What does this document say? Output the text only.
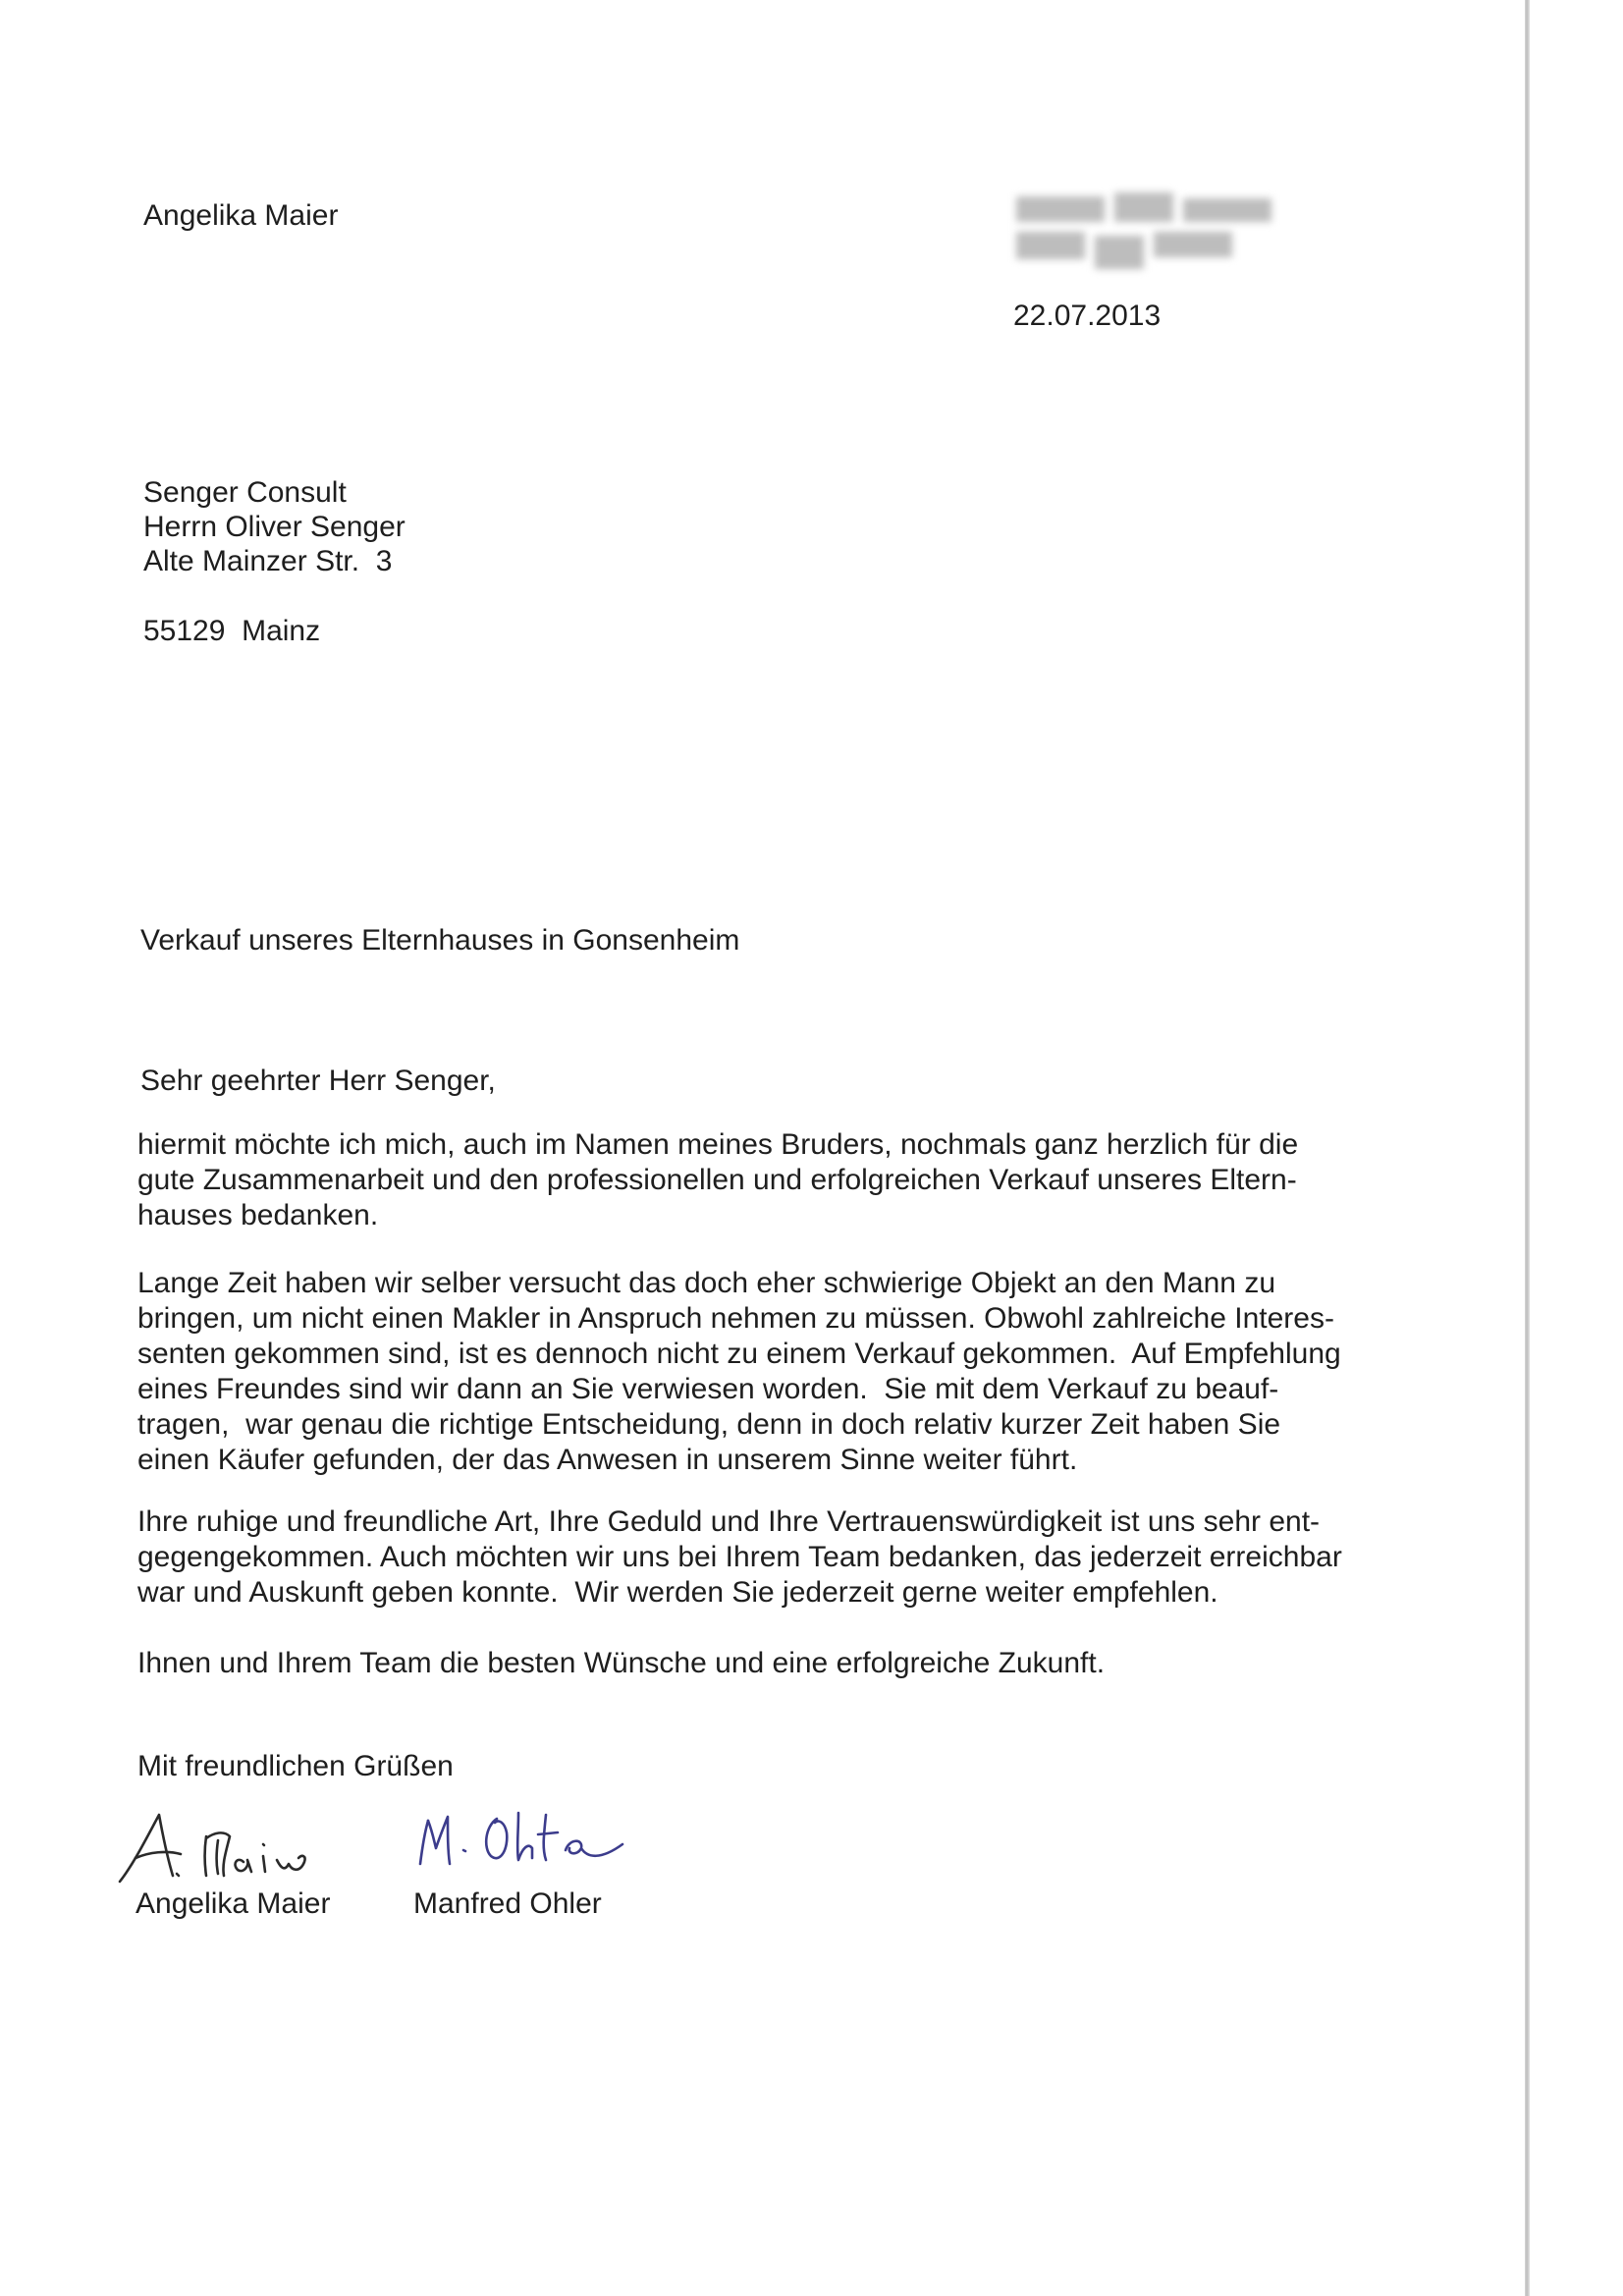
Angelika Maier
22.07.2013
Senger Consult
Herrn Oliver Senger
Alte Mainzer Str.  3
55129  Mainz
Verkauf unseres Elternhauses in Gonsenheim
Sehr geehrter Herr Senger,
hiermit möchte ich mich, auch im Namen meines Bruders, nochmals ganz herzlich für die
gute Zusammenarbeit und den professionellen und erfolgreichen Verkauf unseres Eltern-
hauses bedanken.
Lange Zeit haben wir selber versucht das doch eher schwierige Objekt an den Mann zu
bringen, um nicht einen Makler in Anspruch nehmen zu müssen. Obwohl zahlreiche Interes-
senten gekommen sind, ist es dennoch nicht zu einem Verkauf gekommen.  Auf Empfehlung
eines Freundes sind wir dann an Sie verwiesen worden.  Sie mit dem Verkauf zu beauf-
tragen,  war genau die richtige Entscheidung, denn in doch relativ kurzer Zeit haben Sie
einen Käufer gefunden, der das Anwesen in unserem Sinne weiter führt.
Ihre ruhige und freundliche Art, Ihre Geduld und Ihre Vertrauenswürdigkeit ist uns sehr ent-
gegengekommen. Auch möchten wir uns bei Ihrem Team bedanken, das jederzeit erreichbar
war und Auskunft geben konnte.  Wir werden Sie jederzeit gerne weiter empfehlen.
Ihnen und Ihrem Team die besten Wünsche und eine erfolgreiche Zukunft.
Mit freundlichen Grüßen
Angelika Maier	Manfred Ohler
